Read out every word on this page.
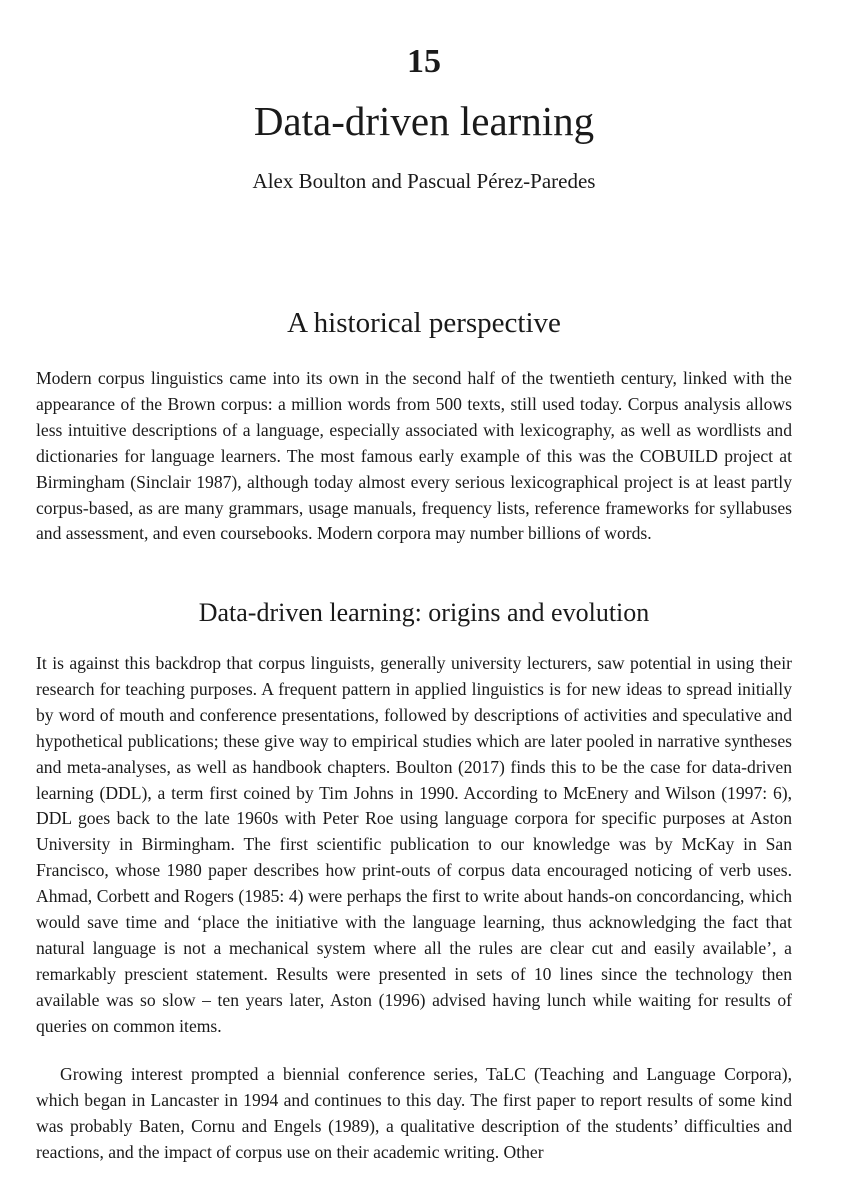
15
Data-driven learning

Alex Boulton and Pascual Pérez-Paredes

A historical perspective

Modern corpus linguistics came into its own in the second half of the twentieth century, linked with the appearance of the Brown corpus: a million words from 500 texts, still used today. Corpus analysis allows less intuitive descriptions of a language, especially associated with lexicography, as well as wordlists and dictionaries for language learners. The most famous early example of this was the COBUILD project at Birmingham (Sinclair 1987), although today almost every serious lexicographical project is at least partly corpus-based, as are many grammars, usage manuals, frequency lists, reference frameworks for syllabuses and assessment, and even coursebooks. Modern corpora may number billions of words.

Data-driven learning: origins and evolution

It is against this backdrop that corpus linguists, generally university lecturers, saw potential in using their research for teaching purposes. A frequent pattern in applied linguistics is for new ideas to spread initially by word of mouth and conference presentations, followed by descriptions of activities and speculative and hypothetical publications; these give way to empirical studies which are later pooled in narrative syntheses and meta-analyses, as well as handbook chapters. Boulton (2017) finds this to be the case for data-driven learning (DDL), a term first coined by Tim Johns in 1990. According to McEnery and Wilson (1997: 6), DDL goes back to the late 1960s with Peter Roe using language corpora for specific purposes at Aston University in Birmingham. The first scientific publication to our knowledge was by McKay in San Francisco, whose 1980 paper describes how print-outs of corpus data encouraged noticing of verb uses. Ahmad, Corbett and Rogers (1985: 4) were perhaps the first to write about hands-on concordancing, which would save time and ‘place the initiative with the language learning, thus acknowledging the fact that natural language is not a mechanical system where all the rules are clear cut and easily available’, a remarkably prescient statement. Results were presented in sets of 10 lines since the technology then available was so slow – ten years later, Aston (1996) advised having lunch while waiting for results of queries on common items.

Growing interest prompted a biennial conference series, TaLC (Teaching and Language Corpora), which began in Lancaster in 1994 and continues to this day. The first paper to report results of some kind was probably Baten, Cornu and Engels (1989), a qualitative description of the students’ difficulties and reactions, and the impact of corpus use on their academic writing. Other
